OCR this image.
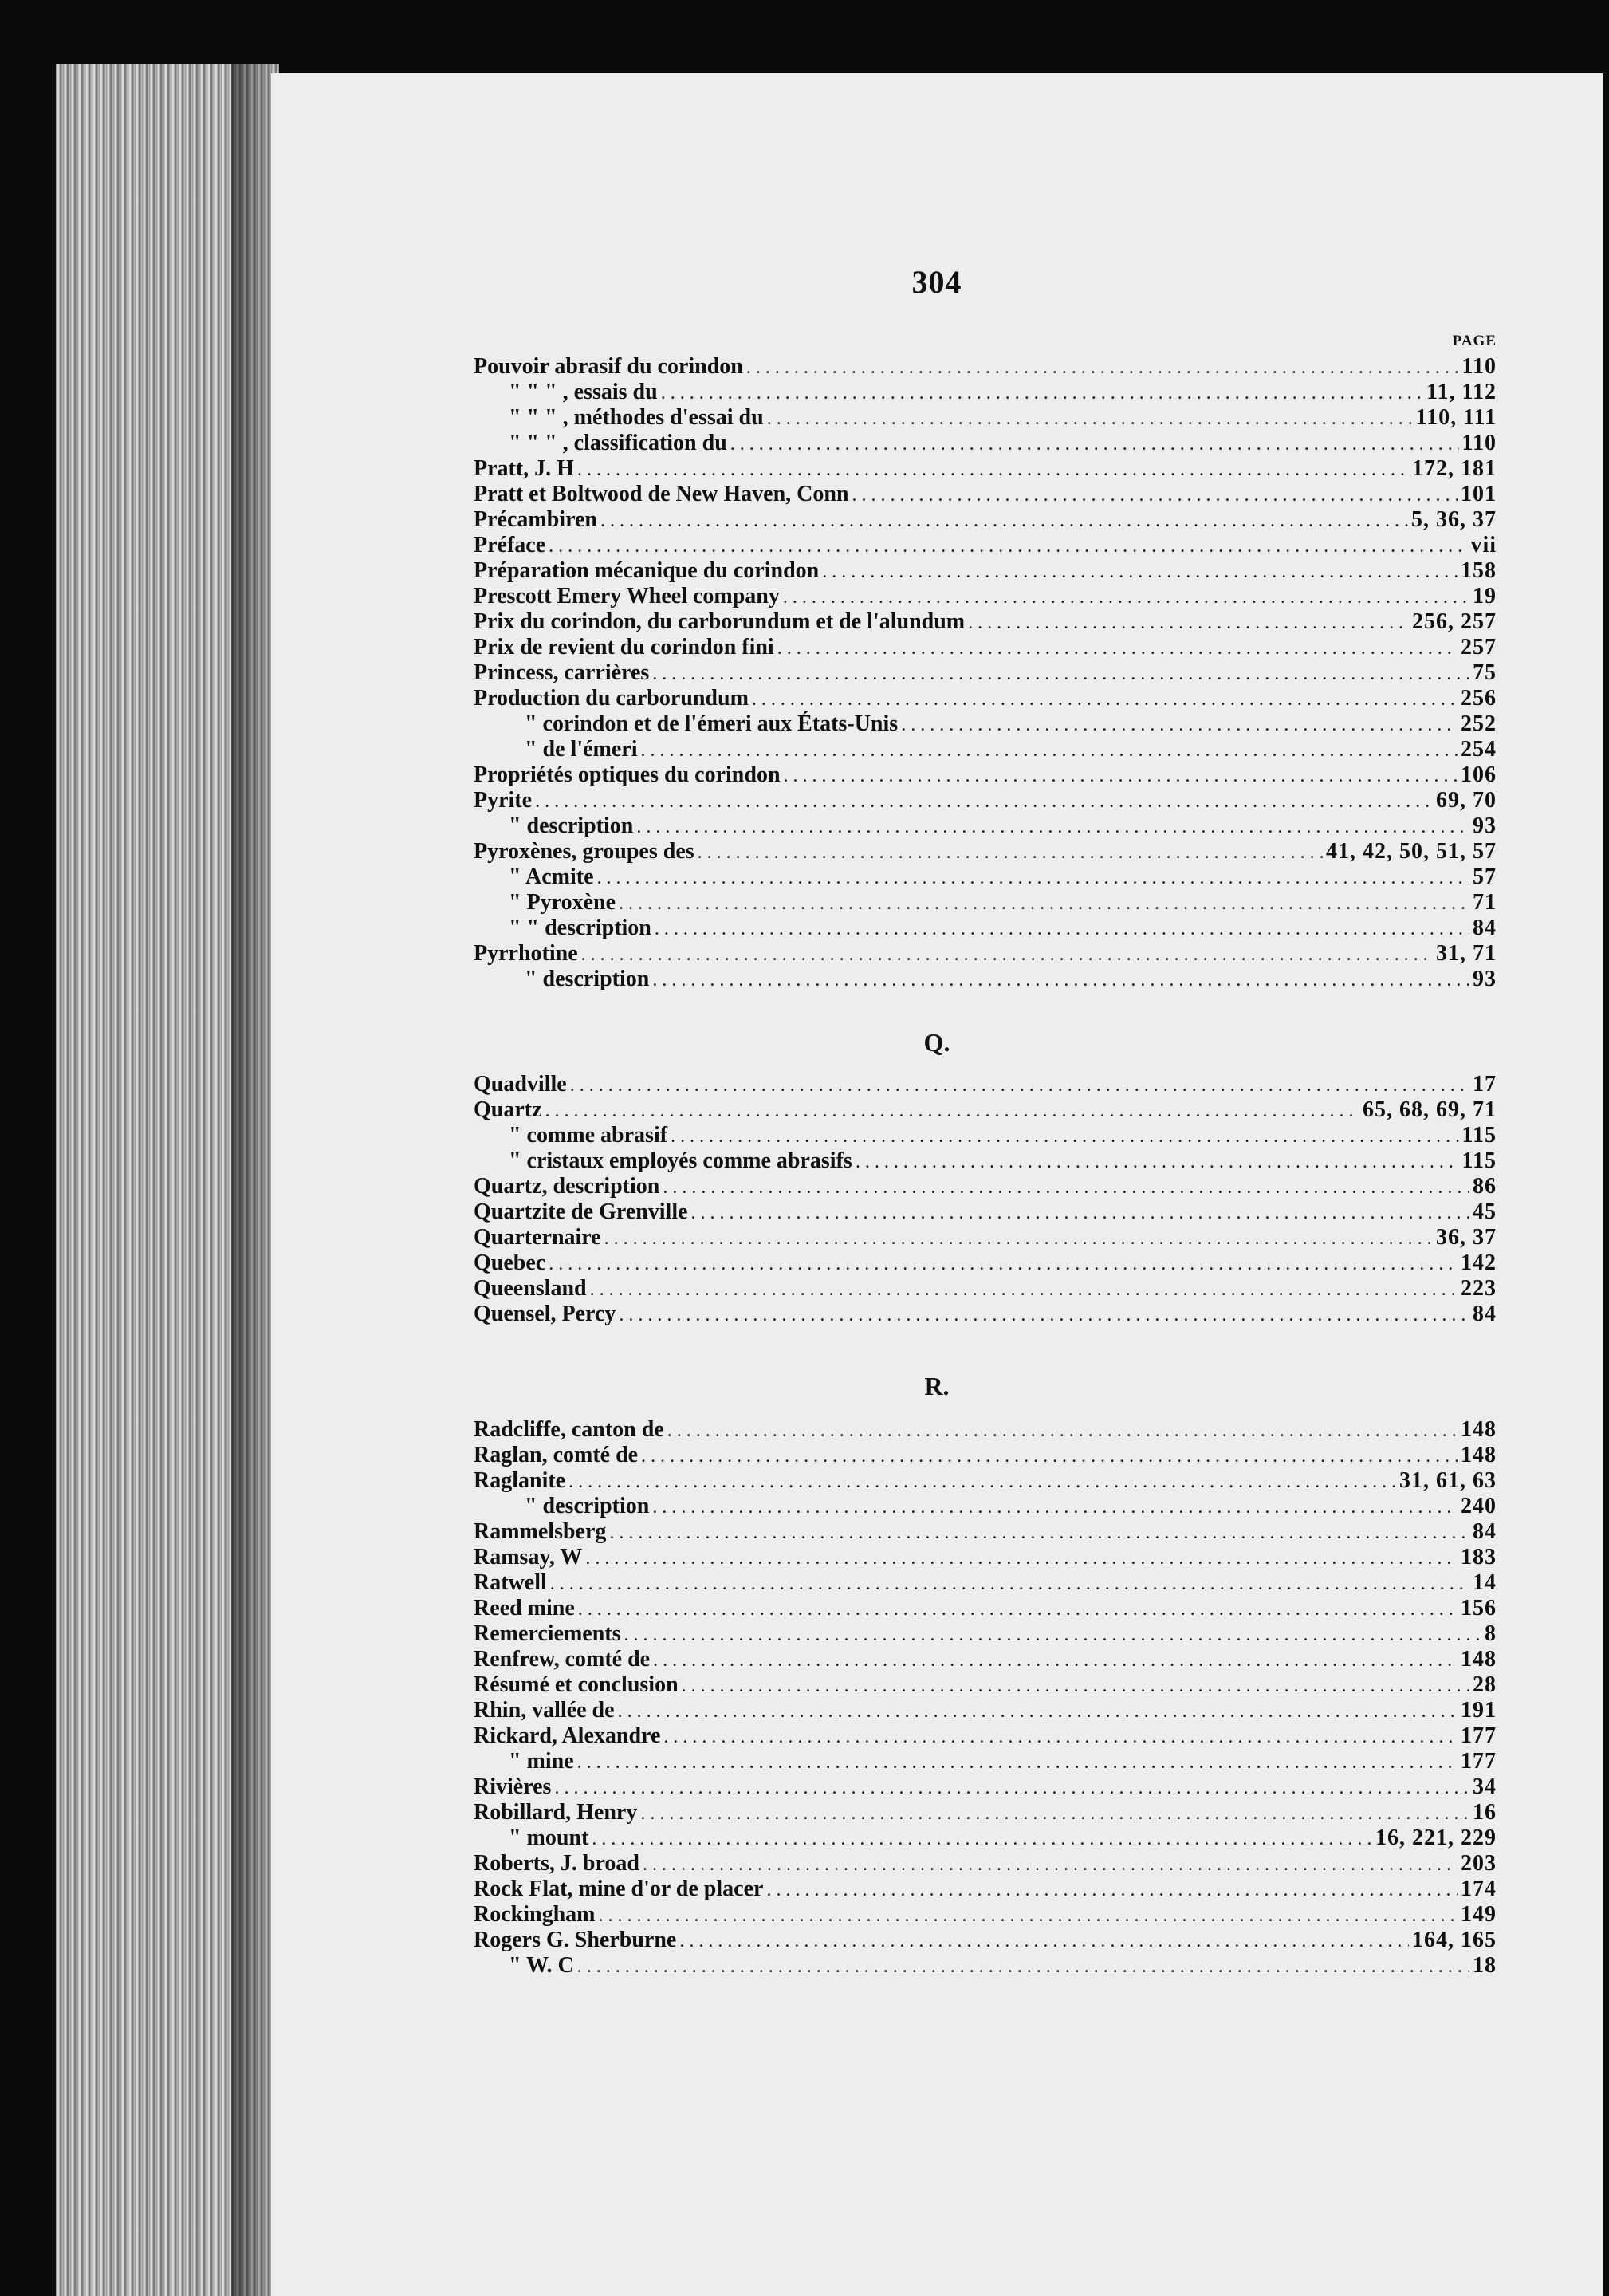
304
PAGE
Pouvoir abrasif du corindon .....	110
" " " , essais du .....	11, 112
" " " , méthodes d'essai du .....	110, 111
" " " , classification du .....	110
Pratt, J. H .....	172, 181
Pratt et Boltwood de New Haven, Conn .....	101
Précambiren .....	5, 36, 37
Préface .....	vii
Préparation mécanique du corindon .....	158
Prescott Emery Wheel company .....	19
Prix du corindon, du carborundum et de l'alundum .....	256, 257
Prix de revient du corindon fini .....	257
Princess, carrières .....	75
Production du carborundum .....	256
" corindon et de l'émeri aux États-Unis .....	252
" de l'émeri .....	254
Propriétés optiques du corindon .....	106
Pyrite .....	69, 70
" description .....	93
Pyroxènes, groupes des .....	41, 42, 50, 51, 57
" Acmite .....	57
" Pyroxène .....	71
" " description .....	84
Pyrrhotine .....	31, 71
" description .....	93
Q.
Quadville .....	17
Quartz .....	65, 68, 69, 71
" comme abrasif .....	115
" cristaux employés comme abrasifs .....	115
Quartz, description .....	86
Quartzite de Grenville .....	45
Quarternaire .....	36, 37
Quebec .....	142
Queensland .....	223
Quensel, Percy .....	84
R.
Radcliffe, canton de .....	148
Raglan, comté de .....	148
Raglanite .....	31, 61, 63
" description .....	240
Rammelsberg .....	84
Ramsay, W .....	183
Ratwell .....	14
Reed mine .....	156
Remerciements .....	8
Renfrew, comté de .....	148
Résumé et conclusion .....	28
Rhin, vallée de .....	191
Rickard, Alexandre .....	177
" mine .....	177
Rivières .....	34
Robillard, Henry .....	16
" mount .....	16, 221, 229
Roberts, J. broad .....	203
Rock Flat, mine d'or de placer .....	174
Rockingham .....	149
Rogers G. Sherburne .....	164, 165
" W. C .....	18
